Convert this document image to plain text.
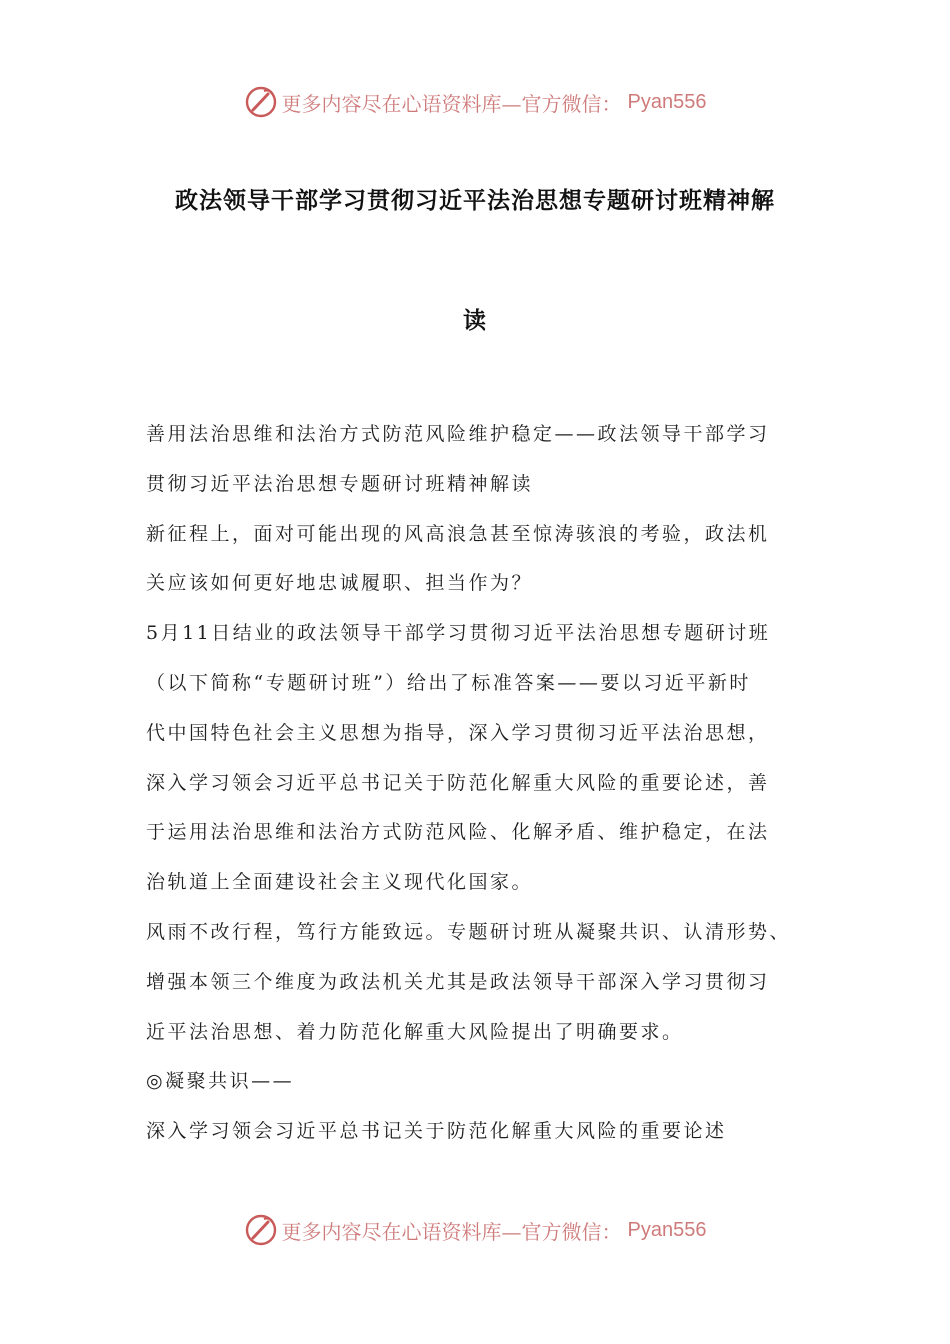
更多内容尽在心语资料库—官方微信： Pyan556
政法领导干部学习贯彻习近平法治思想专题研讨班精神解
读

善用法治思维和法治方式防范风险维护稳定——政法领导干部学习

贯彻习近平法治思想专题研讨班精神解读

新征程上，面对可能出现的风高浪急甚至惊涛骇浪的考验，政法机

关应该如何更好地忠诚履职、担当作为？

5月11日结业的政法领导干部学习贯彻习近平法治思想专题研讨班

（以下简称“专题研讨班”）给出了标准答案——要以习近平新时

代中国特色社会主义思想为指导，深入学习贯彻习近平法治思想，

深入学习领会习近平总书记关于防范化解重大风险的重要论述，善

于运用法治思维和法治方式防范风险、化解矛盾、维护稳定，在法

治轨道上全面建设社会主义现代化国家。

风雨不改行程，笃行方能致远。专题研讨班从凝聚共识、认清形势、

增强本领三个维度为政法机关尤其是政法领导干部深入学习贯彻习

近平法治思想、着力防范化解重大风险提出了明确要求。

◎凝聚共识——

深入学习领会习近平总书记关于防范化解重大风险的重要论述

更多内容尽在心语资料库—官方微信： Pyan556
